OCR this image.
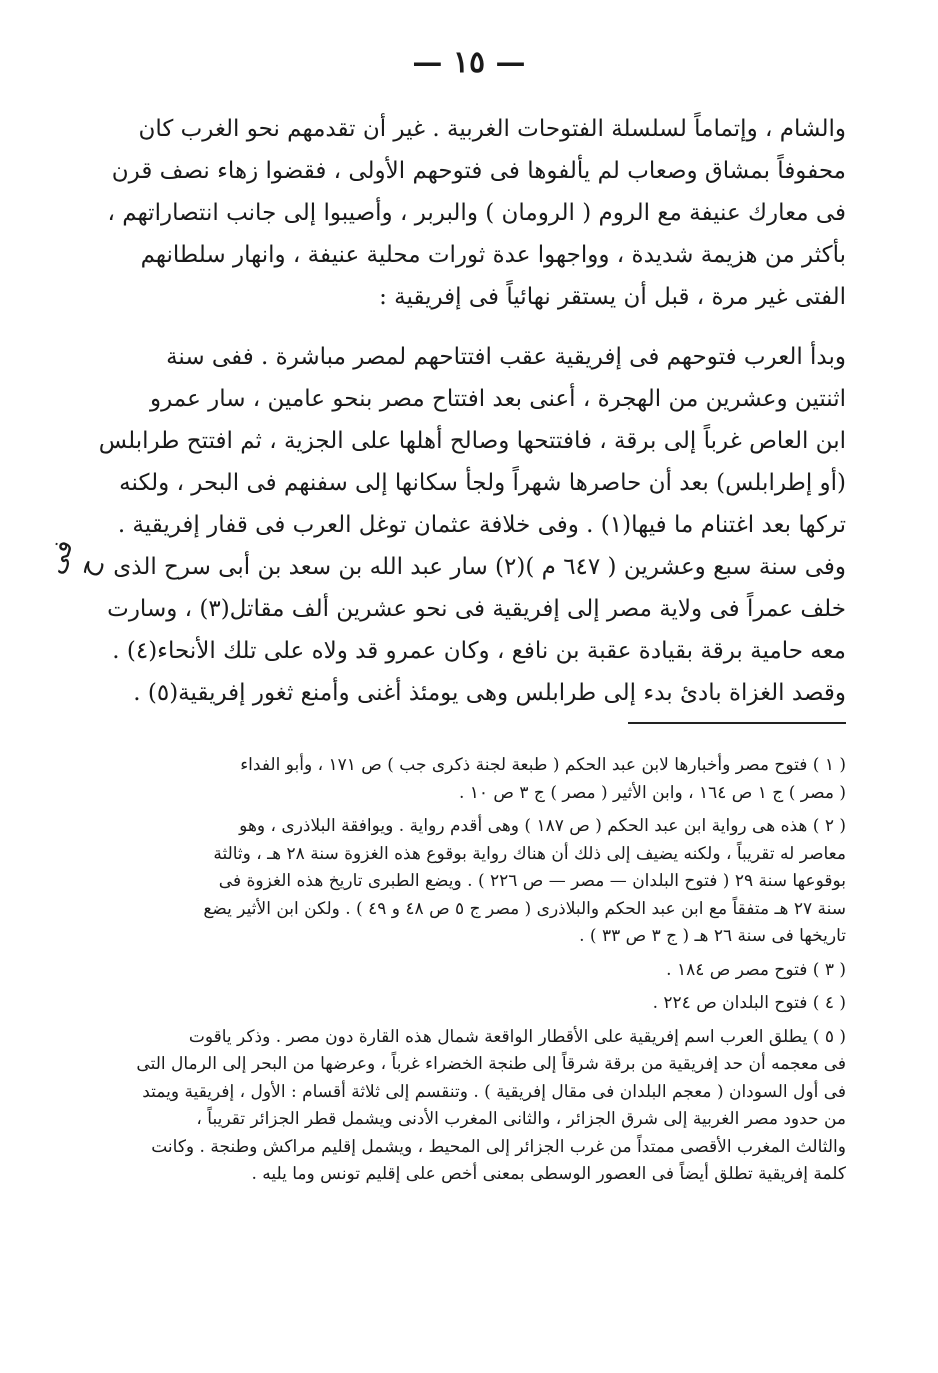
— ١٥ —
والشام ، وإتماماً لسلسلة الفتوحات الغربية . غير أن تقدمهم نحو الغرب كان
محفوفاً بمشاق وصعاب لم يألفوها فى فتوحهم الأولى ، فقضوا زهاء نصف قرن
فى معارك عنيفة مع الروم ( الرومان ) والبربر ، وأصيبوا إلى جانب انتصاراتهم ،
بأكثر من هزيمة شديدة ، وواجهوا عدة ثورات محلية عنيفة ، وانهار سلطانهم
الفتى غير مرة ، قبل أن يستقر نهائياً فى إفريقية :
وبدأ العرب فتوحهم فى إفريقية عقب افتتاحهم لمصر مباشرة . ففى سنة
اثنتين وعشرين من الهجرة ، أعنى بعد افتتاح مصر بنحو عامين ، سار عمرو
ابن العاص غرباً إلى برقة ، فافتتحها وصالح أهلها على الجزية ، ثم افتتح طرابلس
(أو إطرابلس) بعد أن حاصرها شهراً ولجأ سكانها إلى سفنهم فى البحر ، ولكنه
تركها بعد اغتنام ما فيها(١) . وفى خلافة عثمان توغل العرب فى قفار إفريقية .
وفى سنة سبع وعشرين ( ٦٤٧ م )(٢) سار عبد الله بن سعد بن أبى سرح الذى
خلف عمراً فى ولاية مصر إلى إفريقية فى نحو عشرين ألف مقاتل(٣) ، وسارت
معه حامية برقة بقيادة عقبة بن نافع ، وكان عمرو قد ولاه على تلك الأنحاء(٤) .
وقصد الغزاة بادئ بدء إلى طرابلس وهى يومئذ أغنى وأمنع ثغور إفريقية(٥) .
فى ح
( ١ ) فتوح مصر وأخبارها لابن عبد الحكم ( طبعة لجنة ذكرى جب ) ص ١٧١ ، وأبو الفداء
( مصر ) ج ١ ص ١٦٤ ، وابن الأثير ( مصر ) ج ٣ ص ١٠ .
( ٢ ) هذه هى رواية ابن عبد الحكم ( ص ١٨٧ ) وهى أقدم رواية . ويوافقة البلاذرى ، وهو
معاصر له تقريباً ، ولكنه يضيف إلى ذلك أن هناك رواية بوقوع هذه الغزوة سنة ٢٨ هـ ، وثالثة
بوقوعها سنة ٢٩ ( فتوح البلدان — مصر — ص ٢٢٦ ) . ويضع الطبرى تاريخ هذه الغزوة فى
سنة ٢٧ هـ متفقاً مع ابن عبد الحكم والبلاذرى ( مصر ج ٥ ص ٤٨ و ٤٩ ) . ولكن ابن الأثير يضع
تاريخها فى سنة ٢٦ هـ ( ج ٣ ص ٣٣ ) .
( ٣ ) فتوح مصر ص ١٨٤ .
( ٤ ) فتوح البلدان ص ٢٢٤ .
( ٥ ) يطلق العرب اسم إفريقية على الأقطار الواقعة شمال هذه القارة دون مصر . وذكر ياقوت
فى معجمه أن حد إفريقية من برقة شرقاً إلى طنجة الخضراء غرباً ، وعرضها من البحر إلى الرمال التى
فى أول السودان ( معجم البلدان فى مقال إفريقية ) . وتنقسم إلى ثلاثة أقسام : الأول ، إفريقية ويمتد
من حدود مصر الغربية إلى شرق الجزائر ، والثانى المغرب الأدنى ويشمل قطر الجزائر تقريباً ،
والثالث المغرب الأقصى ممتداً من غرب الجزائر إلى المحيط ، ويشمل إقليم مراكش وطنجة . وكانت
كلمة إفريقية تطلق أيضاً فى العصور الوسطى بمعنى أخص على إقليم تونس وما يليه .
